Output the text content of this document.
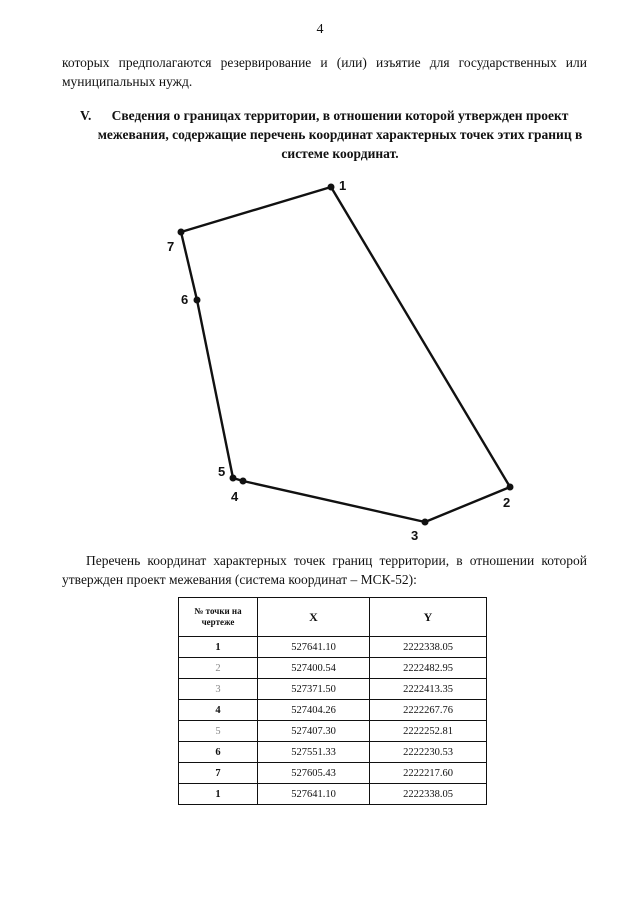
4

которых предполагаются резервирование и (или) изъятие для государственных или муниципальных нужд.

V.	Сведения о границах территории, в отношении которой утвержден проект межевания, содержащие перечень координат характерных точек этих границ в системе координат.
1
2
3
4
5
6
7

Перечень координат характерных точек границ территории, в отношении которой утвержден проект межевания (система координат – МСК-52):

№ точки на чертеже	X	Y
1	527641.10	2222338.05
2	527400.54	2222482.95
3	527371.50	2222413.35
4	527404.26	2222267.76
5	527407.30	2222252.81
6	527551.33	2222230.53
7	527605.43	2222217.60
1	527641.10	2222338.05
